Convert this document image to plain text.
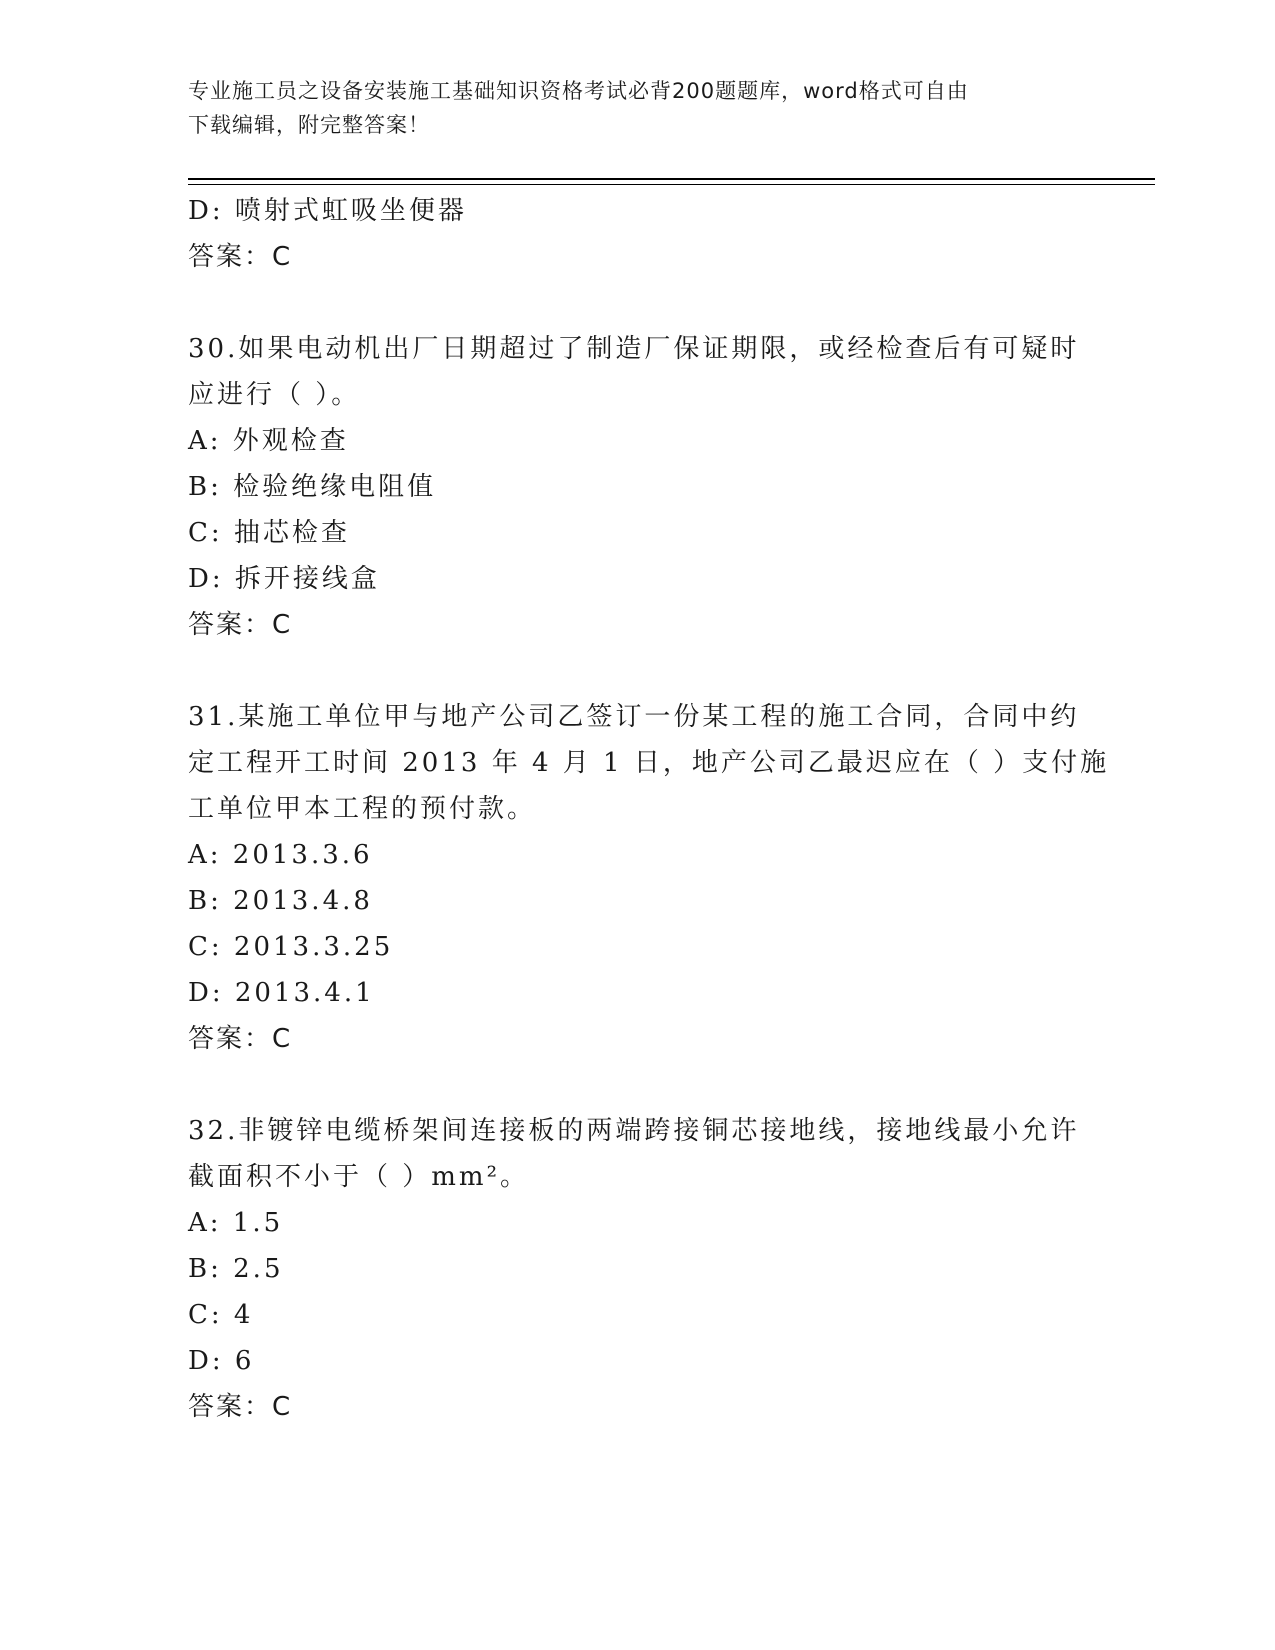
专业施工员之设备安装施工基础知识资格考试必背200题题库，word格式可自由
下载编辑，附完整答案！
D: 喷射式虹吸坐便器
答案：C
30.如果电动机出厂日期超过了制造厂保证期限，或经检查后有可疑时
应进行（ ）。
A: 外观检查
B: 检验绝缘电阻值
C: 抽芯检查
D: 拆开接线盒
答案：C
31.某施工单位甲与地产公司乙签订一份某工程的施工合同，合同中约
定工程开工时间 2013 年 4 月 1 日，地产公司乙最迟应在（ ）支付施
工单位甲本工程的预付款。
A: 2013.3.6
B: 2013.4.8
C: 2013.3.25
D: 2013.4.1
答案：C
32.非镀锌电缆桥架间连接板的两端跨接铜芯接地线，接地线最小允许
截面积不小于（ ）mm²。
A: 1.5
B: 2.5
C: 4
D: 6
答案：C
